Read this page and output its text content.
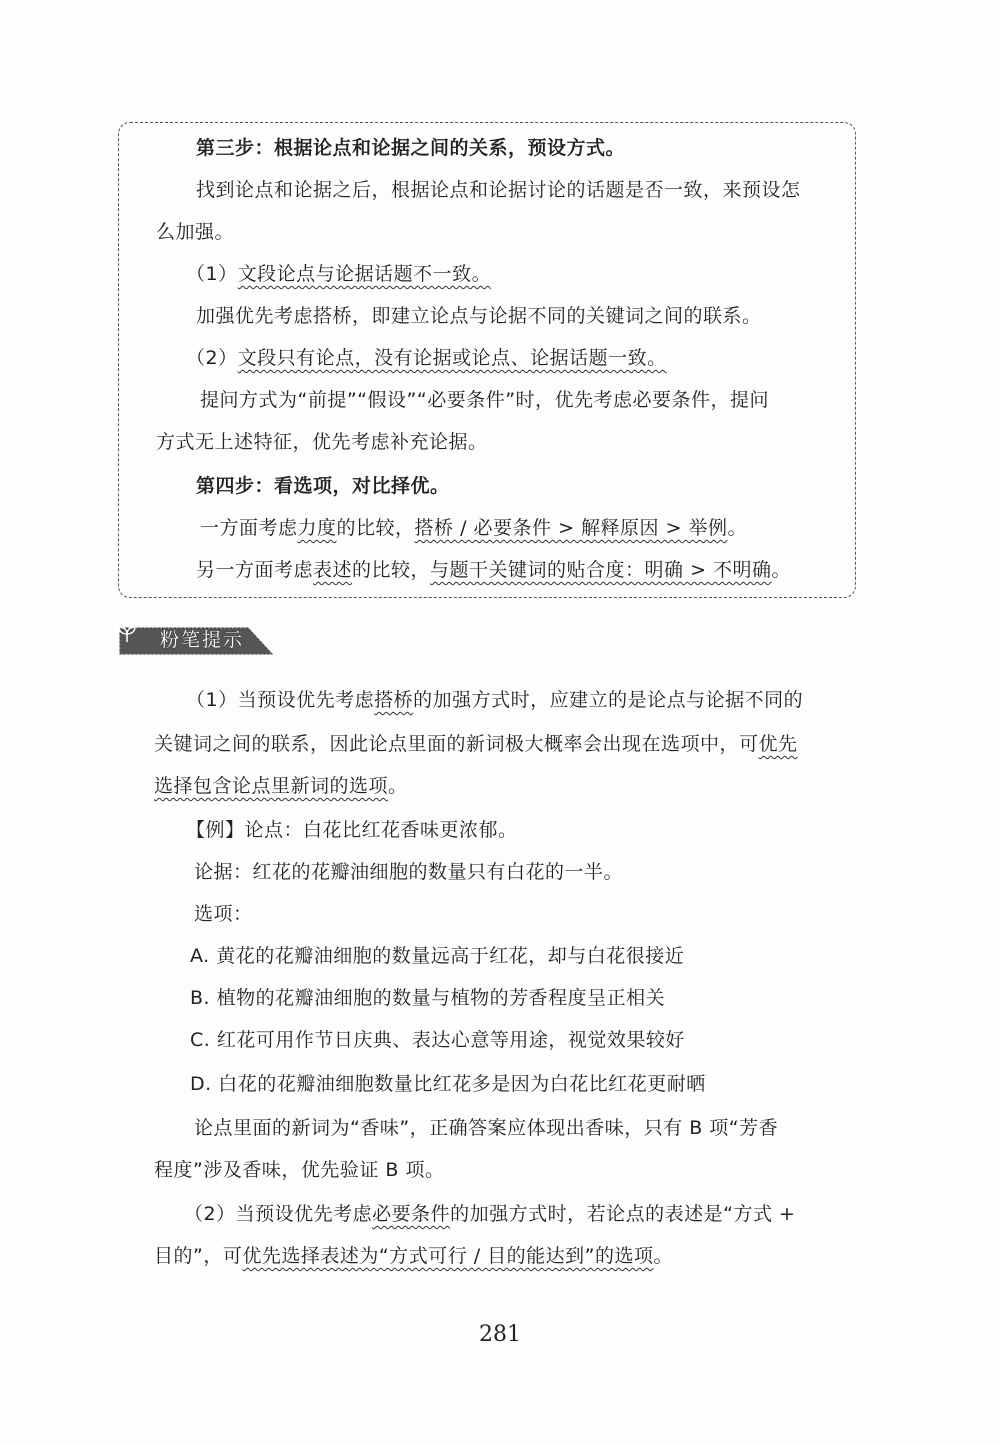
第三步：根据论点和论据之间的关系，预设方式。
找到论点和论据之后，根据论点和论据讨论的话题是否一致，来预设怎
么加强。
（1）文段论点与论据话题不一致。
加强优先考虑搭桥，即建立论点与论据不同的关键词之间的联系。
（2）文段只有论点，没有论据或论点、论据话题一致。
提问方式为“前提”“假设”“必要条件”时，优先考虑必要条件，提问
方式无上述特征，优先考虑补充论据。
第四步：看选项，对比择优。
一方面考虑力度的比较，搭桥 / 必要条件 > 解释原因 > 举例。
另一方面考虑表述的比较，与题干关键词的贴合度：明确 > 不明确。
粉笔提示
（1）当预设优先考虑搭桥的加强方式时，应建立的是论点与论据不同的
关键词之间的联系，因此论点里面的新词极大概率会出现在选项中，可优先
选择包含论点里新词的选项。
【例】论点：白花比红花香味更浓郁。
论据：红花的花瓣油细胞的数量只有白花的一半。
选项：
A. 黄花的花瓣油细胞的数量远高于红花，却与白花很接近
B. 植物的花瓣油细胞的数量与植物的芳香程度呈正相关
C. 红花可用作节日庆典、表达心意等用途，视觉效果较好
D. 白花的花瓣油细胞数量比红花多是因为白花比红花更耐晒
论点里面的新词为“香味”，正确答案应体现出香味，只有 B 项“芳香
程度”涉及香味，优先验证 B 项。
（2）当预设优先考虑必要条件的加强方式时，若论点的表述是“方式 +
目的”，可优先选择表述为“方式可行 / 目的能达到”的选项。
281
